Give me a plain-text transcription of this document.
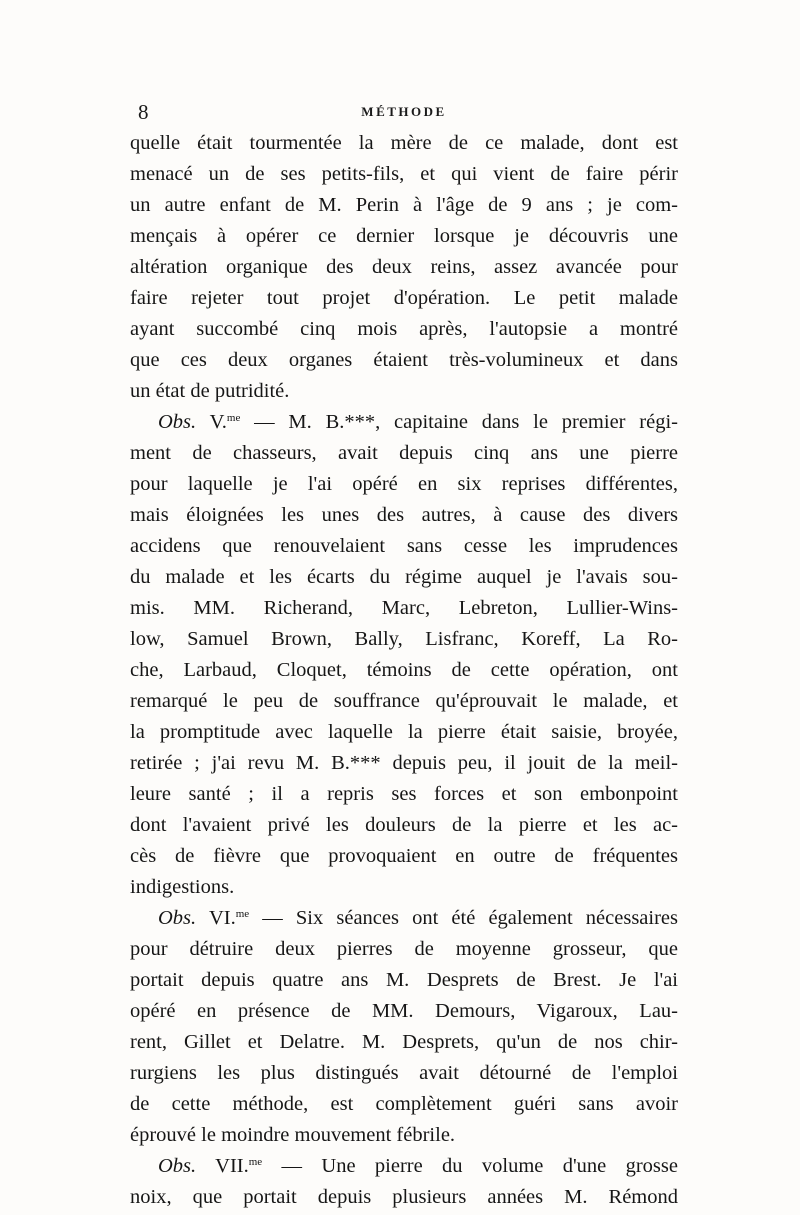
8	MÉTHODE
quelle était tourmentée la mère de ce malade, dont est
menacé un de ses petits-fils, et qui vient de faire périr
un autre enfant de M. Perin à l'âge de 9 ans ; je com-
mençais à opérer ce dernier lorsque je découvris une
altération organique des deux reins, assez avancée pour
faire rejeter tout projet d'opération. Le petit malade
ayant succombé cinq mois après, l'autopsie a montré
que ces deux organes étaient très-volumineux et dans
un état de putridité.
Obs. V.$^{me}$ — M. B.***, capitaine dans le premier régi-
ment de chasseurs, avait depuis cinq ans une pierre
pour laquelle je l'ai opéré en six reprises différentes,
mais éloignées les unes des autres, à cause des divers
accidens que renouvelaient sans cesse les imprudences
du malade et les écarts du régime auquel je l'avais sou-
mis. MM. Richerand, Marc, Lebreton, Lullier-Wins-
low, Samuel Brown, Bally, Lisfranc, Koreff, La Ro-
che, Larbaud, Cloquet, témoins de cette opération, ont
remarqué le peu de souffrance qu'éprouvait le malade, et
la promptitude avec laquelle la pierre était saisie, broyée,
retirée ; j'ai revu M. B.*** depuis peu, il jouit de la meil-
leure santé ; il a repris ses forces et son embonpoint
dont l'avaient privé les douleurs de la pierre et les ac-
cès de fièvre que provoquaient en outre de fréquentes
indigestions.
Obs. VI.$^{me}$ — Six séances ont été également nécessaires
pour détruire deux pierres de moyenne grosseur, que
portait depuis quatre ans M. Desprets de Brest. Je l'ai
opéré en présence de MM. Demours, Vigaroux, Lau-
rent, Gillet et Delatre. M. Desprets, qu'un de nos chir-
rurgiens les plus distingués avait détourné de l'emploi
de cette méthode, est complètement guéri sans avoir
éprouvé le moindre mouvement fébrile.
Obs. VII.$^{me}$ — Une pierre du volume d'une grosse
noix, que portait depuis plusieurs années M. Rémond
